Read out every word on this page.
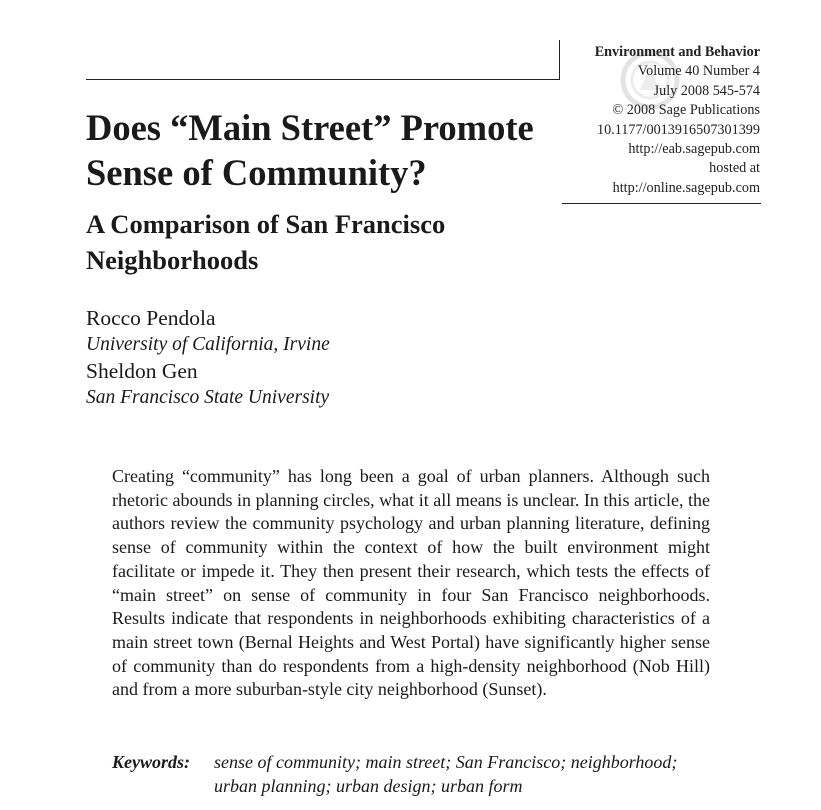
Environment and Behavior
Volume 40 Number 4
July 2008 545-574
© 2008 Sage Publications
10.1177/0013916507301399
http://eab.sagepub.com
hosted at
http://online.sagepub.com
Does “Main Street” Promote
Sense of Community?
A Comparison of San Francisco
Neighborhoods
Rocco Pendola
University of California, Irvine
Sheldon Gen
San Francisco State University

Creating “community” has long been a goal of urban planners. Although such rhetoric abounds in planning circles, what it all means is unclear. In this article, the authors review the community psychology and urban planning literature, defining sense of community within the context of how the built environment might facilitate or impede it. They then present their research, which tests the effects of “main street” on sense of community in four San Francisco neighborhoods. Results indicate that respondents in neighborhoods exhibiting characteristics of a main street town (Bernal Heights and West Portal) have significantly higher sense of community than do respondents from a high-density neighborhood (Nob Hill) and from a more suburban-style city neighborhood (Sunset).

Keywords: sense of community; main street; San Francisco; neighborhood;
urban planning; urban design; urban form
